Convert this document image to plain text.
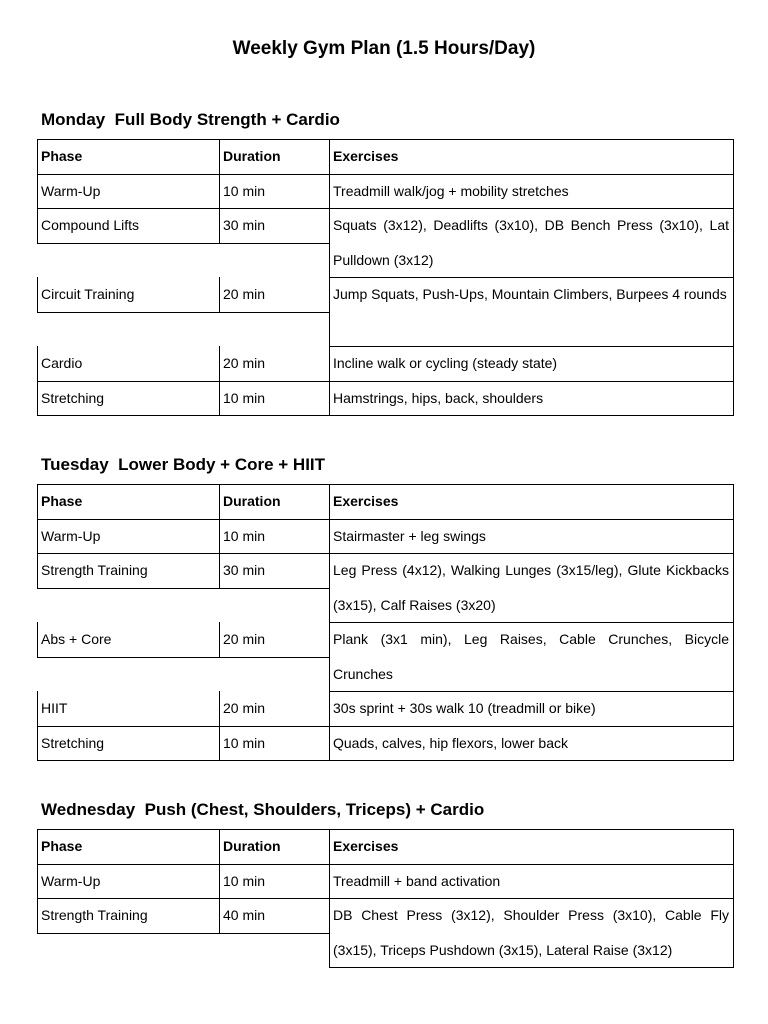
Weekly Gym Plan (1.5 Hours/Day)
Monday  Full Body Strength + Cardio
Phase	Duration	Exercises
Warm-Up	10 min	Treadmill walk/jog + mobility stretches
Compound Lifts	30 min	Squats (3x12), Deadlifts (3x10), DB Bench Press (3x10), Lat Pulldown (3x12)
Circuit Training	20 min	Jump Squats, Push-Ups, Mountain Climbers, Burpees 4 rounds
Cardio	20 min	Incline walk or cycling (steady state)
Stretching	10 min	Hamstrings, hips, back, shoulders
Tuesday  Lower Body + Core + HIIT
Phase	Duration	Exercises
Warm-Up	10 min	Stairmaster + leg swings
Strength Training	30 min	Leg Press (4x12), Walking Lunges (3x15/leg), Glute Kickbacks (3x15), Calf Raises (3x20)
Abs + Core	20 min	Plank (3x1 min), Leg Raises, Cable Crunches, Bicycle Crunches
HIIT	20 min	30s sprint + 30s walk 10 (treadmill or bike)
Stretching	10 min	Quads, calves, hip flexors, lower back
Wednesday  Push (Chest, Shoulders, Triceps) + Cardio
Phase	Duration	Exercises
Warm-Up	10 min	Treadmill + band activation
Strength Training	40 min	DB Chest Press (3x12), Shoulder Press (3x10), Cable Fly (3x15), Triceps Pushdown (3x15), Lateral Raise (3x12)
